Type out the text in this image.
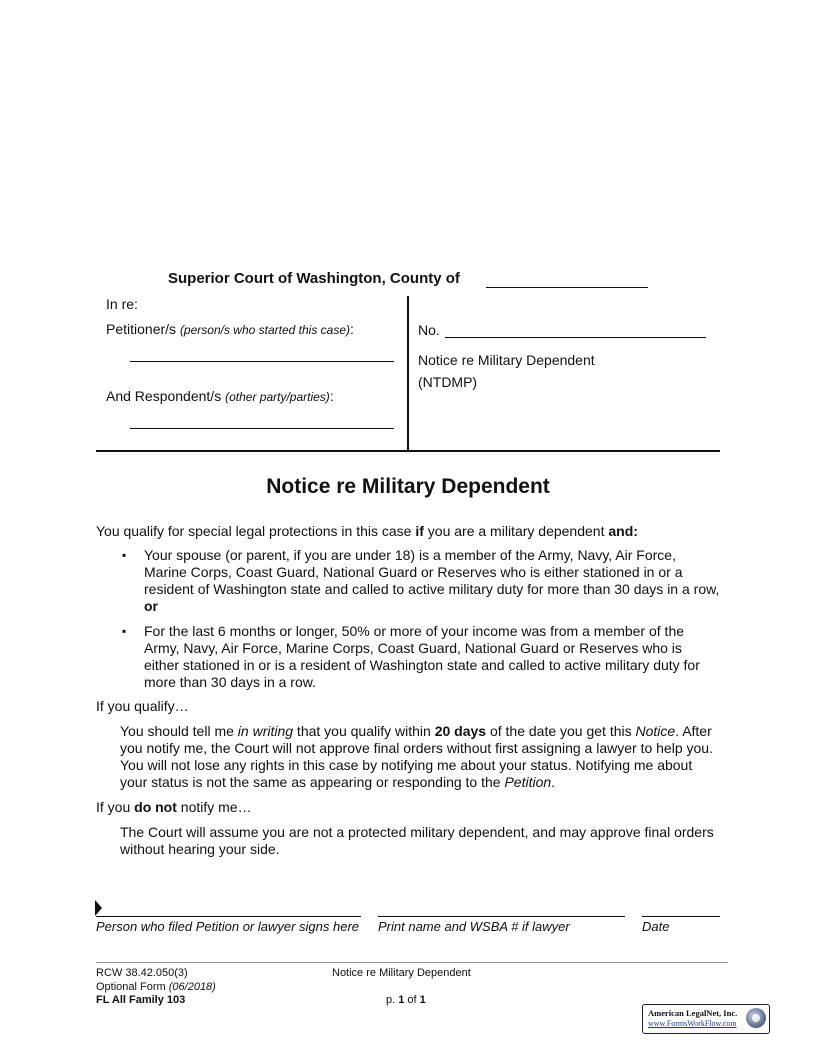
Superior Court of Washington, County of
In re:
Petitioner/s (person/s who started this case):
And Respondent/s (other party/parties):
No.
Notice re Military Dependent
(NTDMP)
Notice re Military Dependent
You qualify for special legal protections in this case if you are a military dependent and:
▪ Your spouse (or parent, if you are under 18) is a member of the Army, Navy, Air Force, Marine Corps, Coast Guard, National Guard or Reserves who is either stationed in or a resident of Washington state and called to active military duty for more than 30 days in a row, or
▪ For the last 6 months or longer, 50% or more of your income was from a member of the Army, Navy, Air Force, Marine Corps, Coast Guard, National Guard or Reserves who is either stationed in or is a resident of Washington state and called to active military duty for more than 30 days in a row.
If you qualify…
You should tell me in writing that you qualify within 20 days of the date you get this Notice. After you notify me, the Court will not approve final orders without first assigning a lawyer to help you. You will not lose any rights in this case by notifying me about your status. Notifying me about your status is not the same as appearing or responding to the Petition.
If you do not notify me…
The Court will assume you are not a protected military dependent, and may approve final orders without hearing your side.
Person who filed Petition or lawyer signs here Print name and WSBA # if lawyer	Date
RCW 38.42.050(3)
Optional Form (06/2018)
FL All Family 103
Notice re Military Dependent
p. 1 of 1
American LegalNet, Inc.
www.FormsWorkFlow.com
